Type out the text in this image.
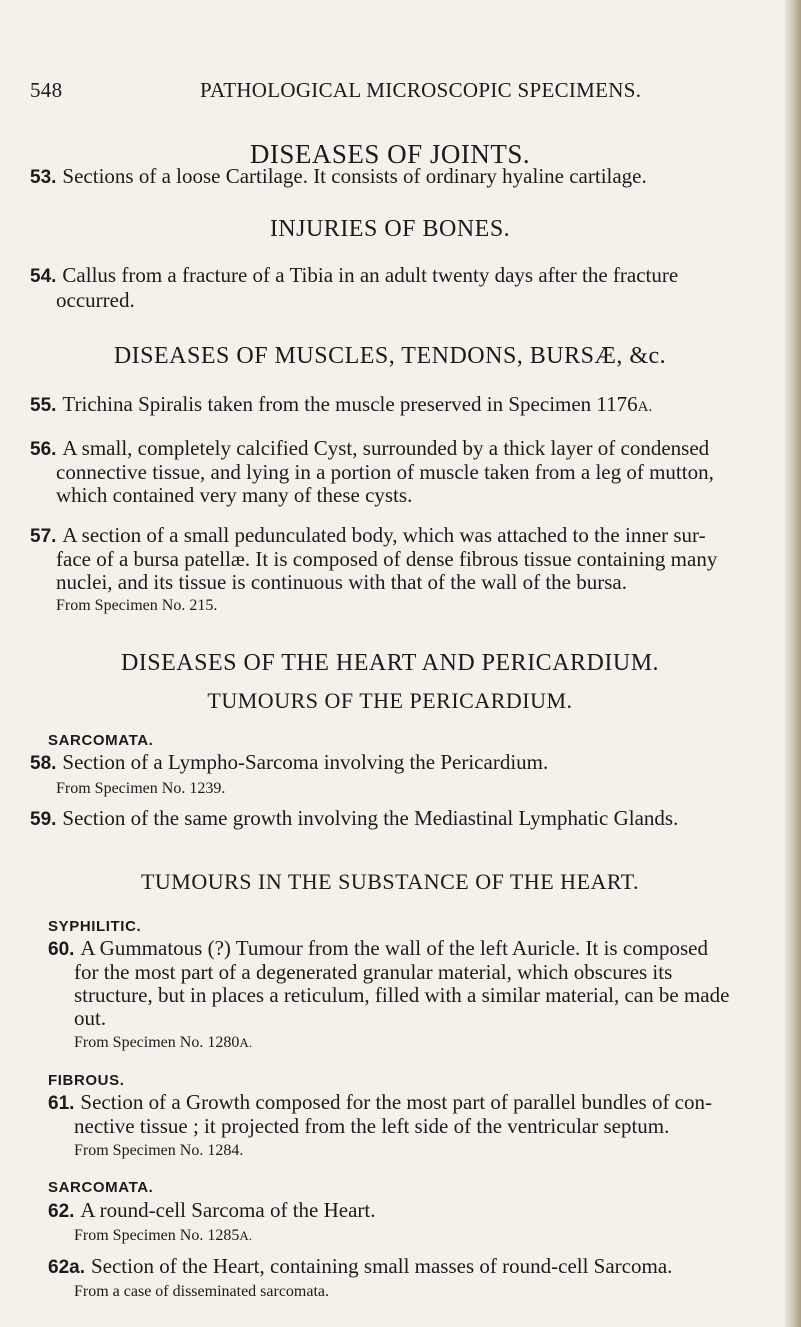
548	PATHOLOGICAL MICROSCOPIC SPECIMENS.
DISEASES OF JOINTS.
53. Sections of a loose Cartilage. It consists of ordinary hyaline cartilage.
INJURIES OF BONES.
54. Callus from a fracture of a Tibia in an adult twenty days after the fracture
occurred.
DISEASES OF MUSCLES, TENDONS, BURSÆ, &c.
55. Trichina Spiralis taken from the muscle preserved in Specimen 1176A.
56. A small, completely calcified Cyst, surrounded by a thick layer of condensed
connective tissue, and lying in a portion of muscle taken from a leg of mutton,
which contained very many of these cysts.
57. A section of a small pedunculated body, which was attached to the inner sur-
face of a bursa patellæ. It is composed of dense fibrous tissue containing many
nuclei, and its tissue is continuous with that of the wall of the bursa.
From Specimen No. 215.
DISEASES OF THE HEART AND PERICARDIUM.
TUMOURS OF THE PERICARDIUM.
SARCOMATA.
58. Section of a Lympho-Sarcoma involving the Pericardium.
From Specimen No. 1239.
59. Section of the same growth involving the Mediastinal Lymphatic Glands.
TUMOURS IN THE SUBSTANCE OF THE HEART.
SYPHILITIC.
60. A Gummatous (?) Tumour from the wall of the left Auricle. It is composed
for the most part of a degenerated granular material, which obscures its
structure, but in places a reticulum, filled with a similar material, can be made
out.
From Specimen No. 1280A.
FIBROUS.
61. Section of a Growth composed for the most part of parallel bundles of con-
nective tissue ; it projected from the left side of the ventricular septum.
From Specimen No. 1284.
SARCOMATA.
62. A round-cell Sarcoma of the Heart.
From Specimen No. 1285A.
62a. Section of the Heart, containing small masses of round-cell Sarcoma.
From a case of disseminated sarcomata.
